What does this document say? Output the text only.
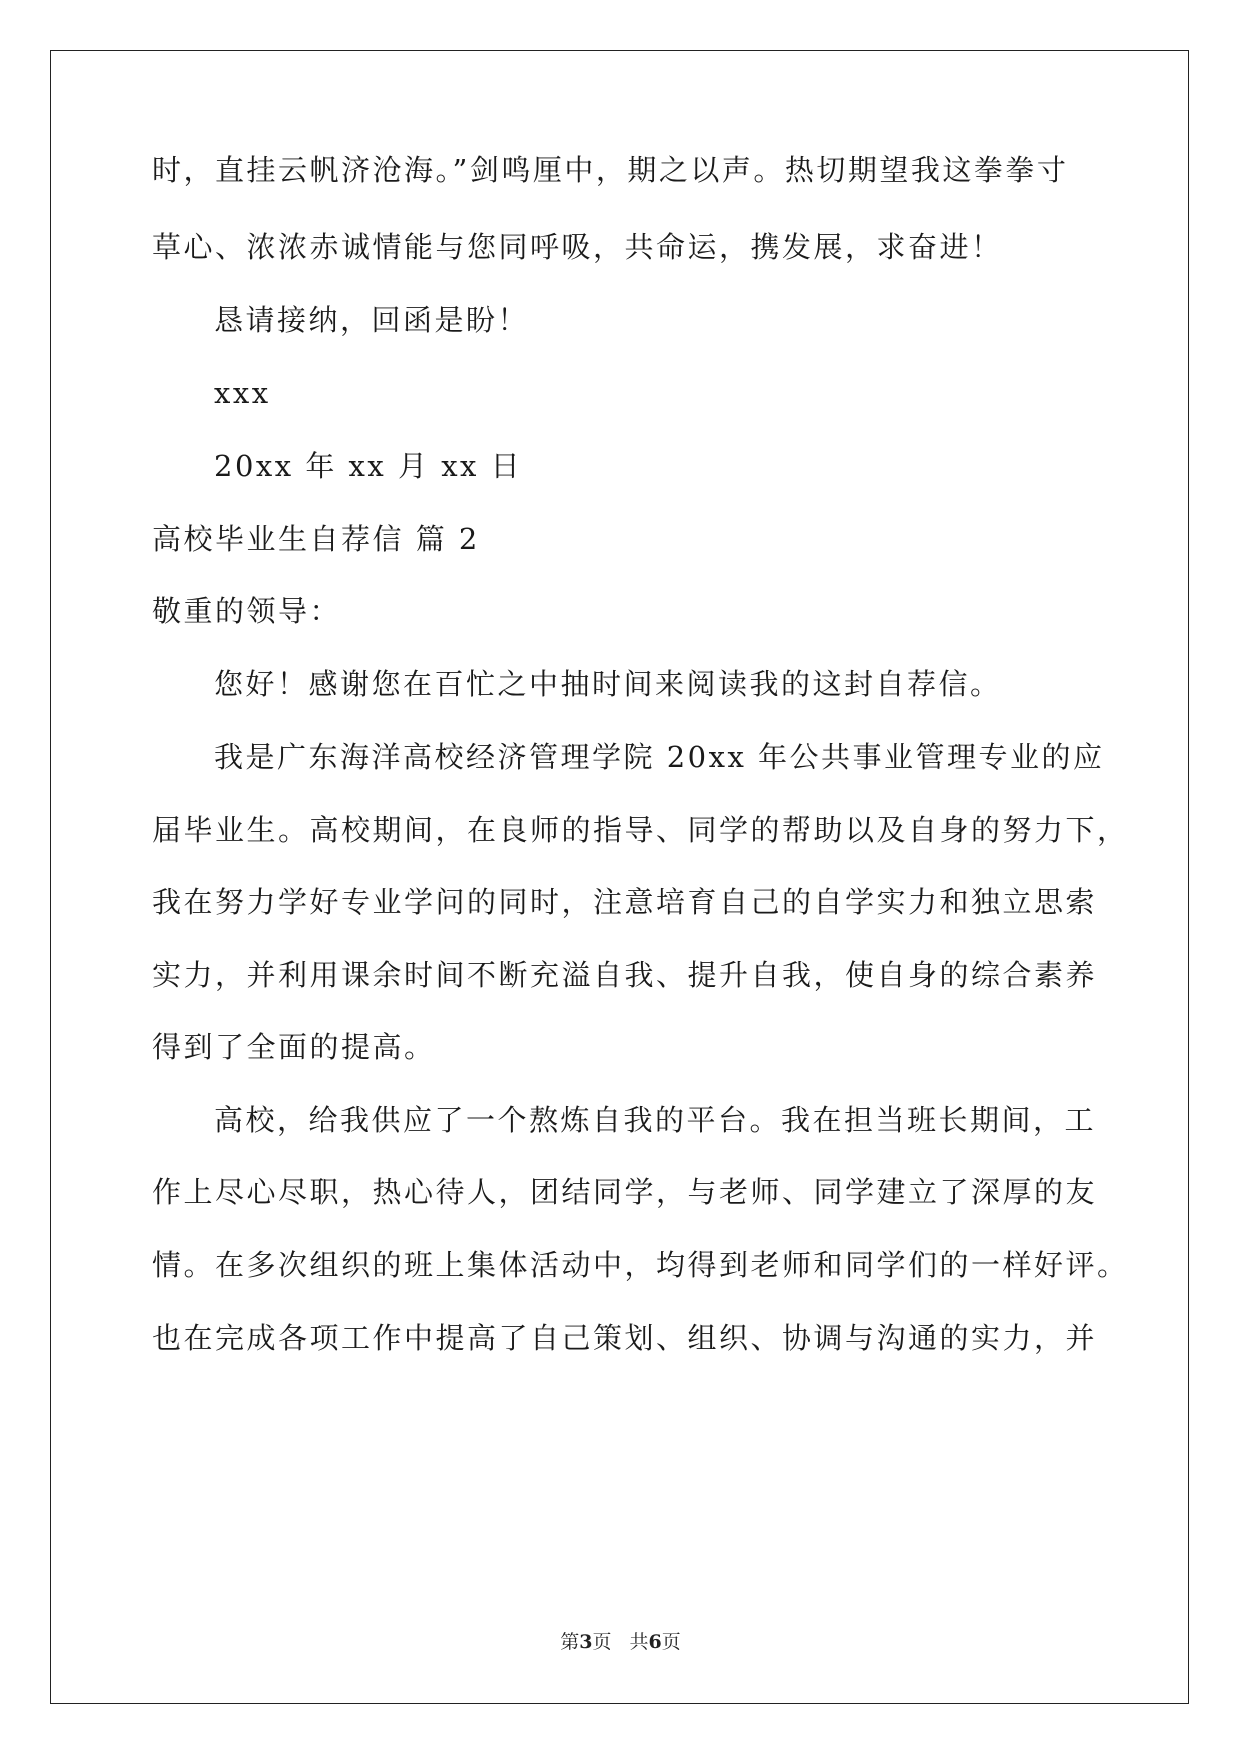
时，直挂云帆济沧海。”剑鸣厘中，期之以声。热切期望我这拳拳寸
草心、浓浓赤诚情能与您同呼吸，共命运，携发展，求奋进！
恳请接纳，回函是盼！
xxx
20xx 年 xx 月 xx 日
高校毕业生自荐信 篇 2
敬重的领导：
您好！感谢您在百忙之中抽时间来阅读我的这封自荐信。
我是广东海洋高校经济管理学院 20xx 年公共事业管理专业的应
届毕业生。高校期间，在良师的指导、同学的帮助以及自身的努力下，
我在努力学好专业学问的同时，注意培育自己的自学实力和独立思索
实力，并利用课余时间不断充溢自我、提升自我，使自身的综合素养
得到了全面的提高。
高校，给我供应了一个熬炼自我的平台。我在担当班长期间，工
作上尽心尽职，热心待人，团结同学，与老师、同学建立了深厚的友
情。在多次组织的班上集体活动中，均得到老师和同学们的一样好评。
也在完成各项工作中提高了自己策划、组织、协调与沟通的实力，并
第3页 共6页
